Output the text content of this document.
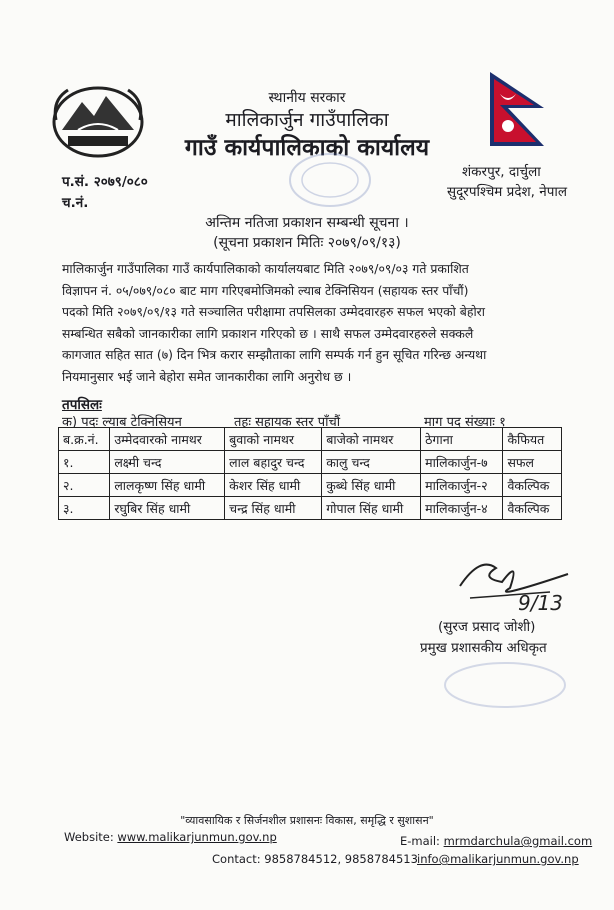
स्थानीय सरकार
मालिकार्जुन गाउँपालिका
गाउँ कार्यपालिकाको कार्यालय
प.सं. २०७९/०८०
च.नं.
शंकरपुर, दार्चुला
सुदूरपश्चिम प्रदेश, नेपाल
अन्तिम नतिजा प्रकाशन सम्बन्धी सूचना ।
(सूचना प्रकाशन मितिः २०७९/०९/१३)
मालिकार्जुन गाउँपालिका गाउँ कार्यपालिकाको कार्यालयबाट मिति २०७९/०९/०३ गते प्रकाशित
विज्ञापन नं. ०५/०७९/०८० बाट माग गरिएबमोजिमको ल्याब टेक्निसियन (सहायक स्तर पाँचौं)
पदको मिति २०७९/०९/१३ गते सञ्चालित परीक्षामा तपसिलका उम्मेदवारहरु सफल भएको बेहोरा
सम्बन्धित सबैको जानकारीका लागि प्रकाशन गरिएको छ । साथै सफल उम्मेदवारहरुले सक्कलै
कागजात सहित सात (७) दिन भित्र करार सम्झौताका लागि सम्पर्क गर्न हुन सूचित गरिन्छ अन्यथा
नियमानुसार भई जाने बेहोरा समेत जानकारीका लागि अनुरोध छ ।
तपसिलः
क) पदः ल्याब टेक्निसियन	तहः सहायक स्तर पाँचौं	माग पद संख्याः १
ब.क्र.नं.	उम्मेदवारको नामथर	बुवाको नामथर	बाजेको नामथर	ठेगाना	कैफियत
१.	लक्ष्मी चन्द	लाल बहादुर चन्द	कालु चन्द	मालिकार्जुन-७	सफल
२.	लालकृष्ण सिंह धामी	केशर सिंह धामी	कुब्धे सिंह धामी	मालिकार्जुन-२	वैकल्पिक
३.	रघुबिर सिंह धामी	चन्द्र सिंह धामी	गोपाल सिंह धामी	मालिकार्जुन-४	वैकल्पिक
9/13
(सुरज प्रसाद जोशी)
प्रमुख प्रशासकीय अधिकृत
"व्यावसायिक र सिर्जनशील प्रशासनः विकास, समृद्धि र सुशासन"
Website: www.malikarjunmun.gov.np	E-mail: mrmdarchula@gmail.com
Contact: 9858784512, 9858784513 info@malikarjunmun.gov.np
